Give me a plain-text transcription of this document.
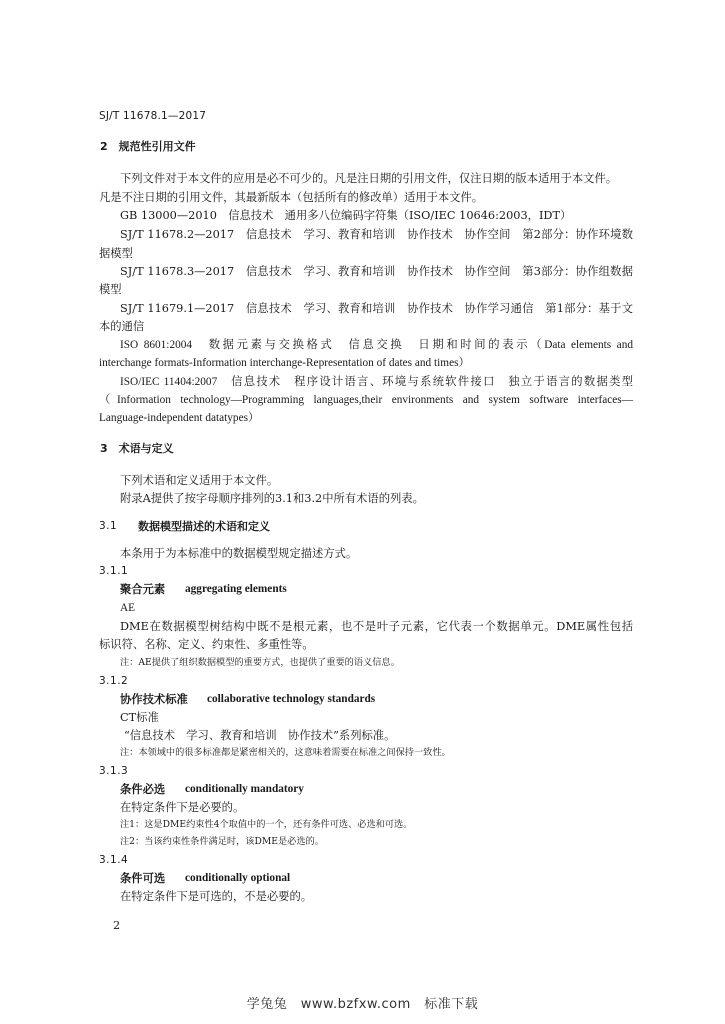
SJ/T 11678.1—2017
2　规范性引用文件
下列文件对于本文件的应用是必不可少的。凡是注日期的引用文件，仅注日期的版本适用于本文件。
凡是不注日期的引用文件，其最新版本（包括所有的修改单）适用于本文件。
GB 13000—2010　信息技术　通用多八位编码字符集（ISO/IEC 10646:2003，IDT）
SJ/T 11678.2—2017　信息技术　学习、教育和培训　协作技术　协作空间　第2部分：协作环境数
据模型
SJ/T 11678.3—2017　信息技术　学习、教育和培训　协作技术　协作空间　第3部分：协作组数据
模型
SJ/T 11679.1—2017　信息技术　学习、教育和培训　协作技术　协作学习通信　第1部分：基于文
本的通信
ISO 8601:2004　数据元素与交换格式　信息交换　日期和时间的表示（Data elements and
interchange formats-Information interchange-Representation of dates and times）
ISO/IEC 11404:2007　信息技术　程序设计语言、环境与系统软件接口　独立于语言的数据类型
（Information technology—Programming languages,their environments and system software interfaces—
Language-independent datatypes）
3　术语与定义
下列术语和定义适用于本文件。
附录A提供了按字母顺序排列的3.1和3.2中所有术语的列表。
3.1 数据模型描述的术语和定义
本条用于为本标准中的数据模型规定描述方式。
3.1.1
聚合元素 aggregating elements
AE
DME在数据模型树结构中既不是根元素，也不是叶子元素，它代表一个数据单元。DME属性包括
标识符、名称、定义、约束性、多重性等。
注：AE提供了组织数据模型的重要方式，也提供了重要的语义信息。
3.1.2
协作技术标准 collaborative technology standards
CT标准
“信息技术　学习、教育和培训　协作技术”系列标准。
注：本领域中的很多标准都是紧密相关的，这意味着需要在标准之间保持一致性。
3.1.3
条件必选 conditionally mandatory
在特定条件下是必要的。
注1：这是DME约束性4个取值中的一个，还有条件可选、必选和可选。
注2：当该约束性条件满足时，该DME是必选的。
3.1.4
条件可选 conditionally optional
在特定条件下是可选的，不是必要的。
2
学兔兔　www.bzfxw.com　标准下载
